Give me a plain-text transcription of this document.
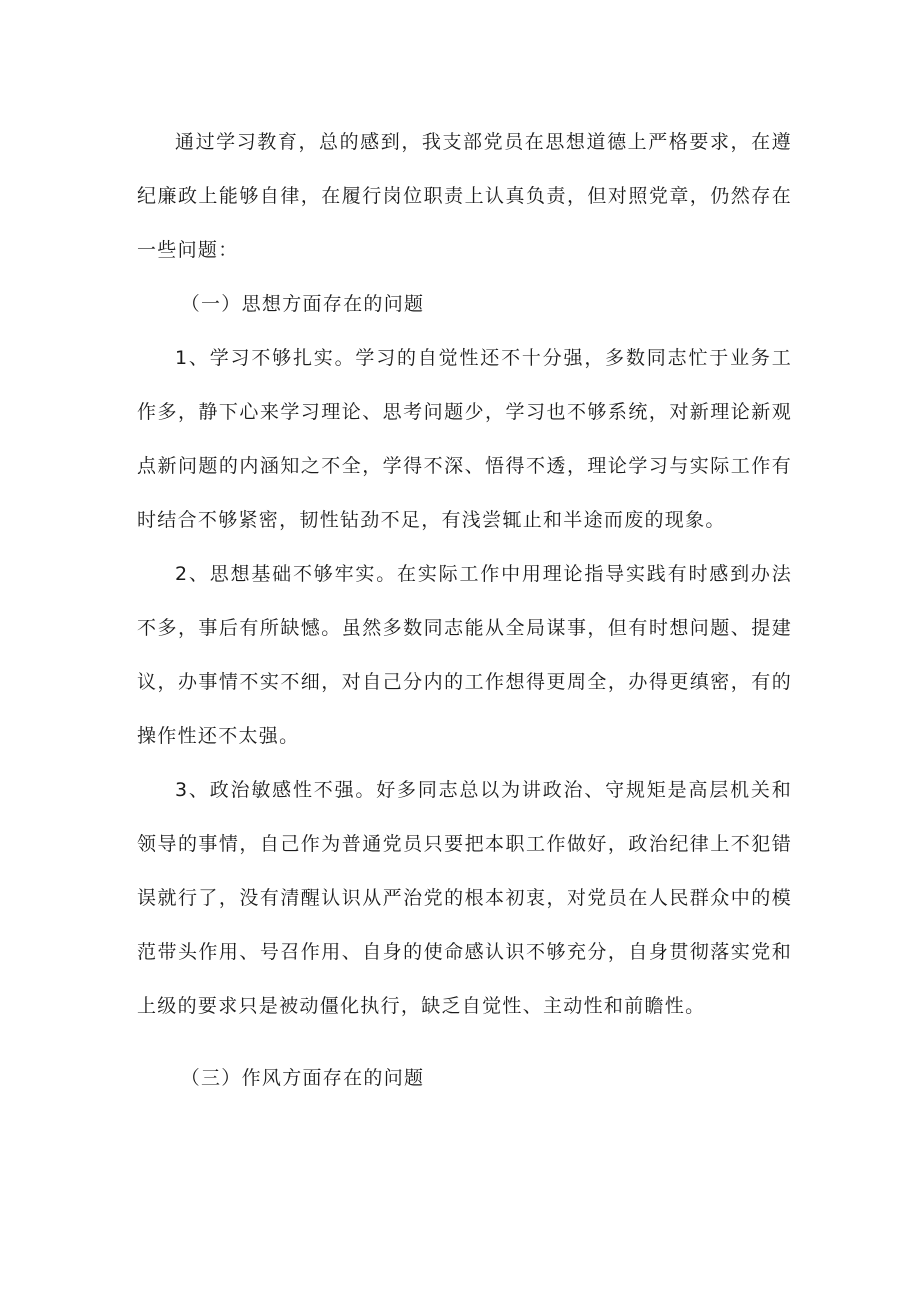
通过学习教育，总的感到，我支部党员在思想道德上严格要求，在遵纪廉政上能够自律，在履行岗位职责上认真负责，但对照党章，仍然存在一些问题：

（一）思想方面存在的问题

1、学习不够扎实。学习的自觉性还不十分强，多数同志忙于业务工作多，静下心来学习理论、思考问题少，学习也不够系统，对新理论新观点新问题的内涵知之不全，学得不深、悟得不透，理论学习与实际工作有时结合不够紧密，韧性钻劲不足，有浅尝辄止和半途而废的现象。

2、思想基础不够牢实。在实际工作中用理论指导实践有时感到办法不多，事后有所缺憾。虽然多数同志能从全局谋事，但有时想问题、提建议，办事情不实不细，对自己分内的工作想得更周全，办得更缜密，有的操作性还不太强。

3、政治敏感性不强。好多同志总以为讲政治、守规矩是高层机关和领导的事情，自己作为普通党员只要把本职工作做好，政治纪律上不犯错误就行了，没有清醒认识从严治党的根本初衷，对党员在人民群众中的模范带头作用、号召作用、自身的使命感认识不够充分，自身贯彻落实党和上级的要求只是被动僵化执行，缺乏自觉性、主动性和前瞻性。

（三）作风方面存在的问题
